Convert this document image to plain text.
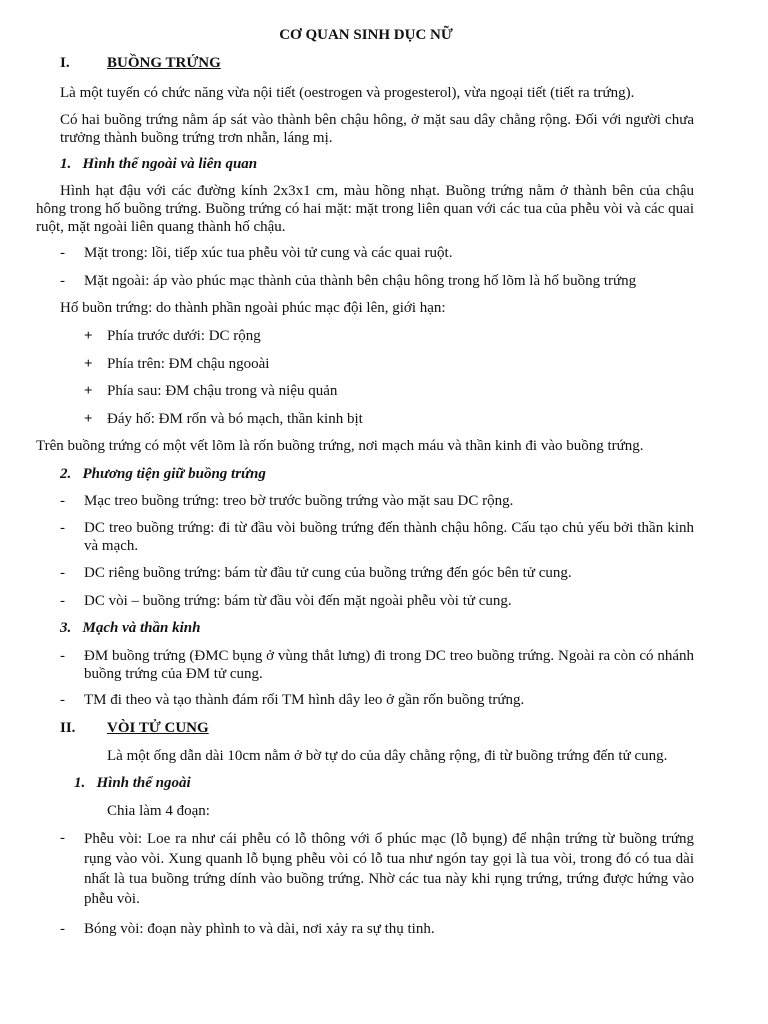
CƠ QUAN SINH DỤC NỮ
I. BUỒNG TRỨNG
Là một tuyến có chức năng vừa nội tiết (oestrogen và progesterol), vừa ngoại tiết (tiết ra trứng).
Có hai buồng trứng nằm áp sát vào thành bên chậu hông, ở mặt sau dây chằng rộng. Đối với người chưa trưởng thành buồng trứng trơn nhẵn, láng mị.
1.   Hình thể ngoài và liên quan
Hình hạt đậu với các đường kính 2x3x1 cm, màu hồng nhạt. Buồng trứng nằm ở thành bên của chậu hông trong hố buồng trứng. Buồng trứng có hai mặt: mặt trong liên quan với các tua của phễu vòi và các quai ruột, mặt ngoài liên quang thành hố chậu.
- Mặt trong: lồi, tiếp xúc tua phễu vòi tử cung và các quai ruột.
- Mặt ngoài: áp vào phúc mạc thành của thành bên chậu hông trong hố lõm là hố buồng trứng
Hố buồn trứng: do thành phần ngoài phúc mạc đội lên, giới hạn:
+ Phía trước dưới: DC rộng
+ Phía trên: ĐM chậu ngooài
+ Phía sau: ĐM chậu trong và niệu quản
+ Đáy hố: ĐM rốn và bó mạch, thần kinh bịt
Trên buồng trứng có một vết lõm là rốn buồng trứng, nơi mạch máu và thần kinh đi vào buồng trứng.
2.   Phương tiện giữ buồng trứng
- Mạc treo buồng trứng: treo bờ trước buồng trứng vào mặt sau DC rộng.
- DC treo buồng trứng: đi từ đầu vòi buồng trứng đến thành chậu hông. Cấu tạo chủ yếu bởi thần kinh và mạch.
- DC riêng buồng trứng: bám từ đầu tử cung của buồng trứng đến góc bên tử cung.
- DC vòi – buồng trứng: bám từ đầu vòi đến mặt ngoài phễu vòi tử cung.
3.   Mạch và thần kinh
- ĐM buồng trứng (ĐMC bụng ở vùng thắt lưng) đi trong DC treo buồng trứng. Ngoài ra còn có nhánh buồng trứng của ĐM tử cung.
- TM đi theo và tạo thành đám rối TM hình dây leo ở gần rốn buồng trứng.
II. VÒI TỬ CUNG
Là một ống dẫn dài 10cm nằm ở bờ tự do của dây chằng rộng, đi từ buồng trứng đến tử cung.
1.   Hình thể ngoài
Chia làm 4 đoạn:
- Phễu vòi: Loe ra như cái phễu có lỗ thông với ổ phúc mạc (lỗ bụng) để nhận trứng từ buồng trứng rụng vào vòi. Xung quanh lỗ bụng phễu vòi có lỗ tua như ngón tay gọi là tua vòi, trong đó có tua dài nhất là tua buồng trứng dính vào buồng trứng. Nhờ các tua này khi rụng trứng, trứng được hứng vào phễu vòi.
- Bóng vòi: đoạn này phình to và dài, nơi xảy ra sự thụ tinh.
